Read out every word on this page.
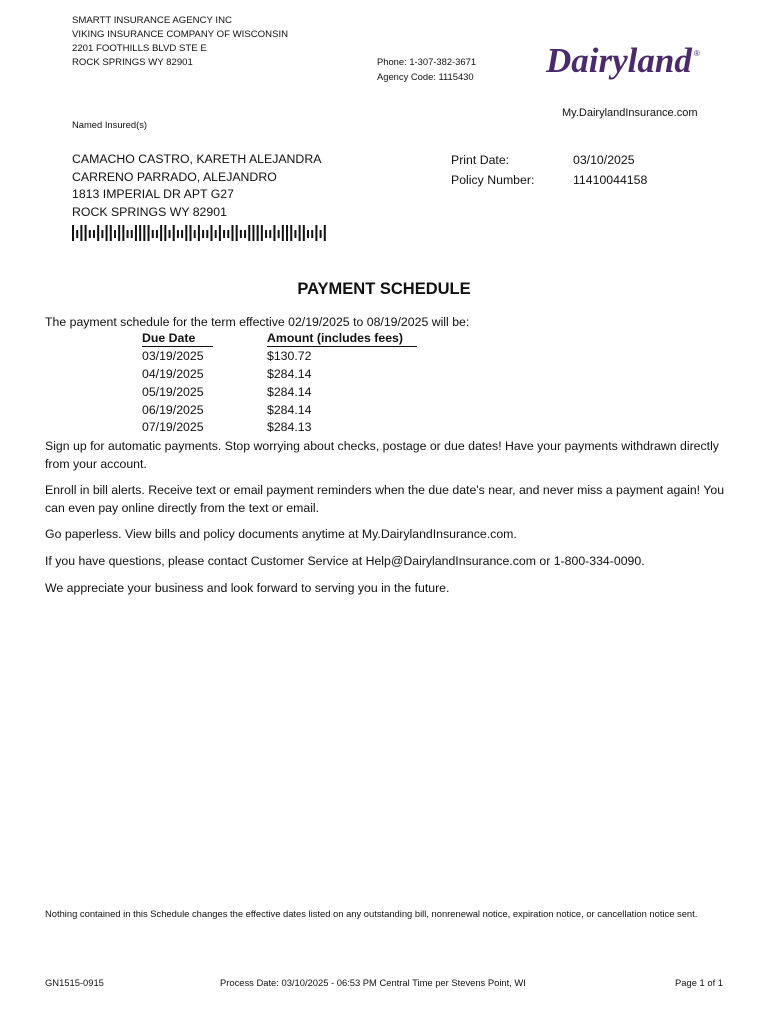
SMARTT INSURANCE AGENCY INC
VIKING INSURANCE COMPANY OF WISCONSIN
2201 FOOTHILLS BLVD STE E
ROCK SPRINGS WY 82901	Phone: 1-307-382-3671
Agency Code: 1115430 Dairyland ®
My.DairylandInsurance.com
Named Insured(s)
CAMACHO CASTRO, KARETH ALEJANDRA
CARRENO PARRADO, ALEJANDRO
1813 IMPERIAL DR APT G27
ROCK SPRINGS WY 82901
Print Date:	03/10/2025
Policy Number:	11410044158
PAYMENT SCHEDULE
The payment schedule for the term effective 02/19/2025 to 08/19/2025 will be:
Due Date	Amount (includes fees)
03/19/2025	$130.72
04/19/2025	$284.14
05/19/2025	$284.14
06/19/2025	$284.14
07/19/2025	$284.13
Sign up for automatic payments. Stop worrying about checks, postage or due dates! Have your payments withdrawn directly from your account.
Enroll in bill alerts. Receive text or email payment reminders when the due date's near, and never miss a payment again! You can even pay online directly from the text or email.
Go paperless. View bills and policy documents anytime at My.DairylandInsurance.com.
If you have questions, please contact Customer Service at Help@DairylandInsurance.com or 1-800-334-0090.
We appreciate your business and look forward to serving you in the future.
Nothing contained in this Schedule changes the effective dates listed on any outstanding bill, nonrenewal notice, expiration notice, or cancellation notice sent.
GN1515-0915	Process Date: 03/10/2025 - 06:53 PM Central Time per Stevens Point, WI	Page 1 of 1
